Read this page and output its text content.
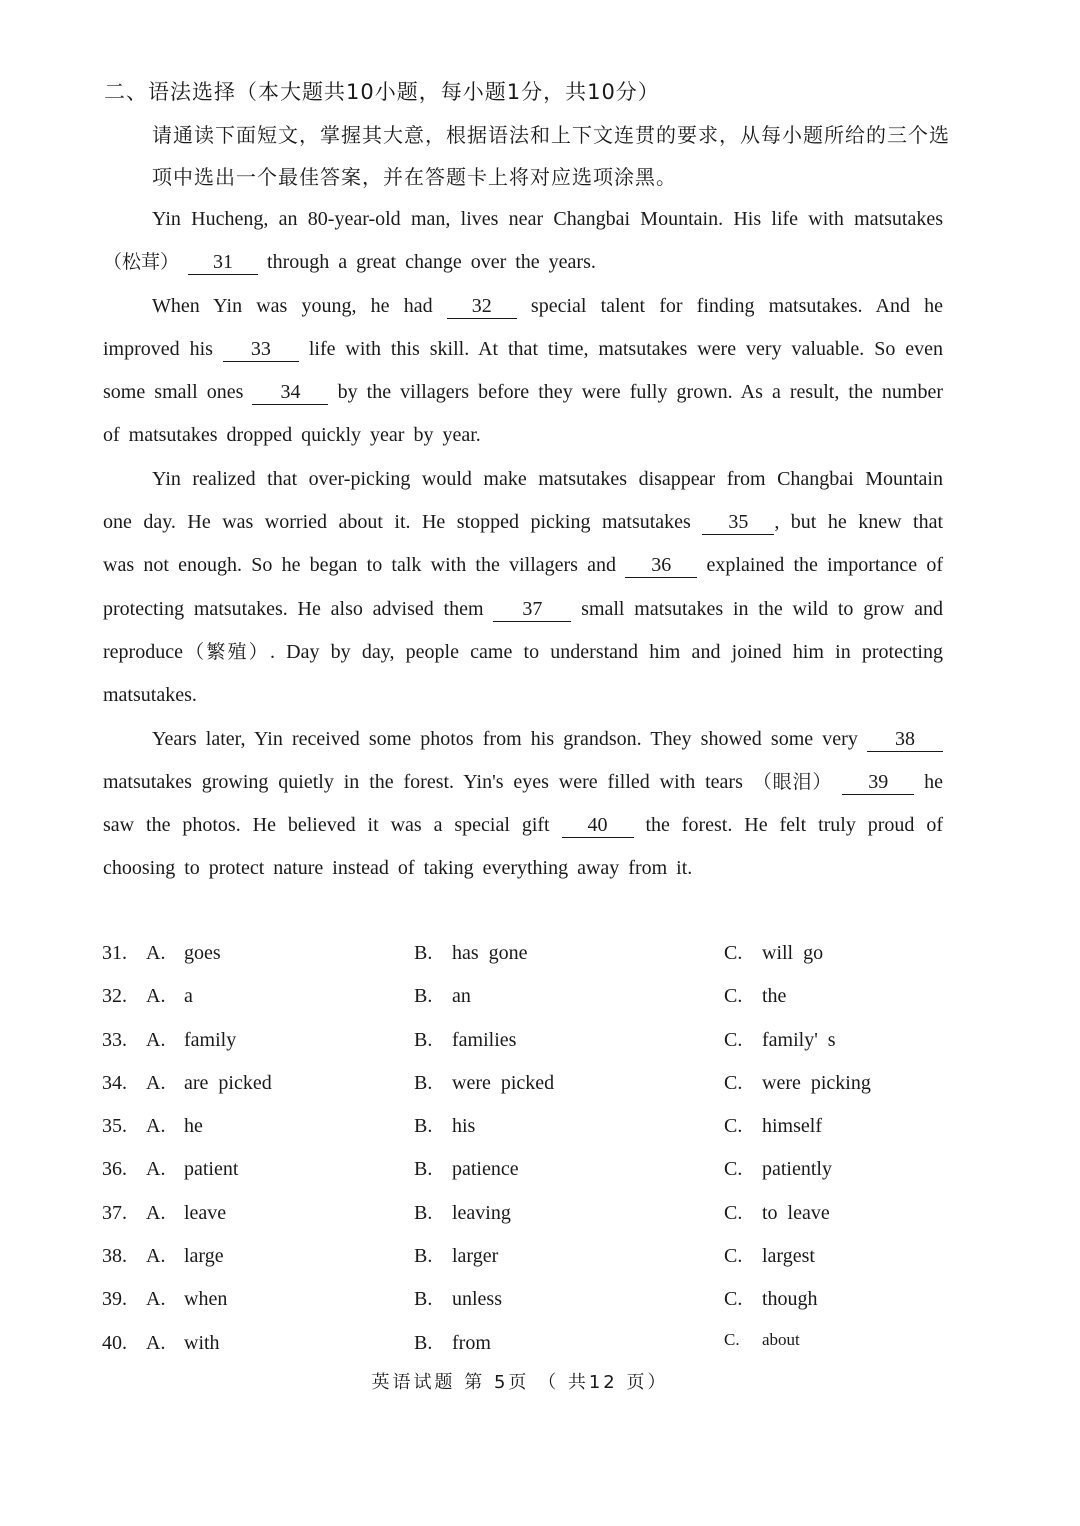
二、语法选择（本大题共10小题，每小题1分，共10分）
请通读下面短文，掌握其大意，根据语法和上下文连贯的要求，从每小题所给的三个选项中选出一个最佳答案，并在答题卡上将对应选项涂黑。

Yin Hucheng, an 80-year-old man, lives near Changbai Mountain. His life with matsutakes （松茸） 31 through a great change over the years.

When Yin was young, he had 32 special talent for finding matsutakes. And he improved his 33 life with this skill. At that time, matsutakes were very valuable. So even some small ones 34 by the villagers before they were fully grown. As a result, the number of matsutakes dropped quickly year by year.

Yin realized that over-picking would make matsutakes disappear from Changbai Mountain one day. He was worried about it. He stopped picking matsutakes 35 , but he knew that was not enough. So he began to talk with the villagers and 36 explained the importance of protecting matsutakes. He also advised them 37 small matsutakes in the wild to grow and reproduce（繁殖）. Day by day, people came to understand him and joined him in protecting matsutakes.

Years later, Yin received some photos from his grandson. They showed some very 38 matsutakes growing quietly in the forest. Yin's eyes were filled with tears （眼泪） 39 he saw the photos. He believed it was a special gift 40 the forest. He felt truly proud of choosing to protect nature instead of taking everything away from it.

31. A. goes	B. has gone	C. will go
32. A. a	B. an	C. the
33. A. family	B. families	C. family' s
34. A. are picked	B. were picked	C. were picking
35. A. he	B. his	C. himself
36. A. patient	B. patience	C. patiently
37. A. leave	B. leaving	C. to leave
38. A. large	B. larger	C. largest
39. A. when	B. unless	C. though
40. A. with	B. from	C. about
英语试题 第 5页 （ 共12 页）
